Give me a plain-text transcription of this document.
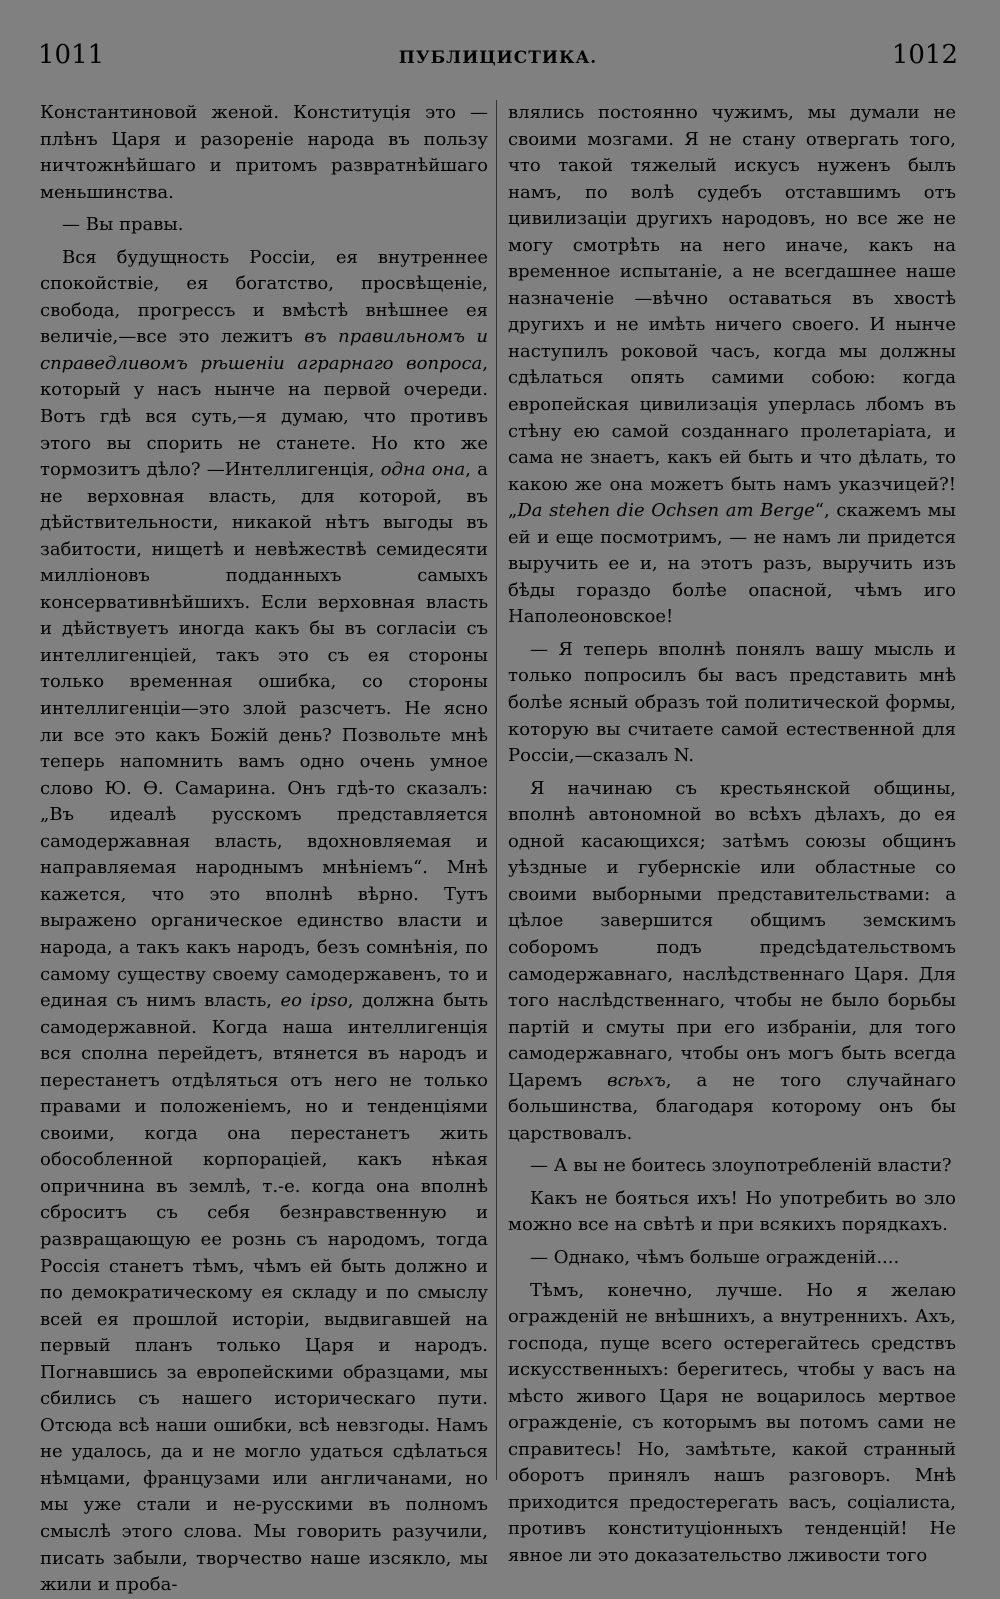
1011	ПУБЛИЦИСТИКА.	1012

Константиновой женой. Конституція это — плѣнъ Царя и разореніе народа въ пользу ничтожнѣйшаго и притомъ развратнѣйшаго меньшинства.

— Вы правы.

Вся будущность Россіи, ея внутреннее спокойствіе, ея богатство, просвѣщеніе, свобода, прогрессъ и вмѣстѣ внѣшнее ея величіе,—все это лежитъ въ правильномъ и справедливомъ рѣшеніи аграрнаго вопроса, который у насъ нынче на первой очереди. Вотъ гдѣ вся суть,—я думаю, что противъ этого вы спорить не станете. Но кто же тормозитъ дѣло? —Интеллигенція, одна она, а не верховная власть, для которой, въ дѣйствительности, никакой нѣтъ выгоды въ забитости, нищетѣ и невѣжествѣ семидесяти милліоновъ подданныхъ самыхъ консервативнѣйшихъ. Если верховная власть и дѣйствуетъ иногда какъ бы въ согласіи съ интеллигенціей, такъ это съ ея стороны только временная ошибка, со стороны интеллигенціи—это злой разсчетъ. Не ясно ли все это какъ Божій день? Позвольте мнѣ теперь напомнить вамъ одно очень умное слово Ю. Ѳ. Самарина. Онъ гдѣ-то сказалъ: „Въ идеалѣ русскомъ представляется самодержавная власть, вдохновляемая и направляемая народнымъ мнѣніемъ“. Мнѣ кажется, что это вполнѣ вѣрно. Тутъ выражено органическое единство власти и народа, а такъ какъ народъ, безъ сомнѣнія, по самому существу своему самодержавенъ, то и единая съ нимъ власть, eo ipso, должна быть самодержавной. Когда наша интеллигенція вся сполна перейдетъ, втянется въ народъ и перестанетъ отдѣляться отъ него не только правами и положеніемъ, но и тенденціями своими, когда она перестанетъ жить обособленной корпораціей, какъ нѣкая опричнина въ землѣ, т.-е. когда она вполнѣ сброситъ съ себя безнравственную и развращающую ее рознь съ народомъ, тогда Россія станетъ тѣмъ, чѣмъ ей быть должно и по демократическому ея складу и по смыслу всей ея прошлой исторіи, выдвигавшей на первый планъ только Царя и народъ. Погнавшись за европейскими образцами, мы сбились съ нашего историческаго пути. Отсюда всѣ наши ошибки, всѣ невзгоды. Намъ не удалось, да и не могло удаться сдѣлаться нѣмцами, французами или англичанами, но мы уже стали и не-русскими въ полномъ смыслѣ этого слова. Мы говорить разучили, писать забыли, творчество наше изсякло, мы жили и проба-

влялись постоянно чужимъ, мы думали не своими мозгами. Я не стану отвергать того, что такой тяжелый искусъ нуженъ былъ намъ, по волѣ судебъ отставшимъ отъ цивилизаціи другихъ народовъ, но все же не могу смотрѣть на него иначе, какъ на временное испытаніе, а не всегдашнее наше назначеніе —вѣчно оставаться въ хвостѣ другихъ и не имѣть ничего своего. И нынче наступилъ роковой часъ, когда мы должны сдѣлаться опять самими собою: когда европейская цивилизація уперлась лбомъ въ стѣну ею самой созданнаго пролетаріата, и сама не знаетъ, какъ ей быть и что дѣлать, то какою же она можетъ быть намъ указчицей?! „Da stehen die Ochsen am Berge“, скажемъ мы ей и еще посмотримъ, — не намъ ли придется выручить ее и, на этотъ разъ, выручить изъ бѣды гораздо болѣе опасной, чѣмъ иго Наполеоновское!

— Я теперь вполнѣ понялъ вашу мысль и только попросилъ бы васъ представить мнѣ болѣе ясный образъ той политической формы, которую вы считаете самой естественной для Россіи,—сказалъ N.

Я начинаю съ крестьянской общины, вполнѣ автономной во всѣхъ дѣлахъ, до ея одной касающихся; затѣмъ союзы общинъ уѣздные и губернскіе или областные со своими выборными представительствами: а цѣлое завершится общимъ земскимъ соборомъ подъ предсѣдательствомъ самодержавнаго, наслѣдственнаго Царя. Для того наслѣдственнаго, чтобы не было борьбы партій и смуты при его избраніи, для того самодержавнаго, чтобы онъ могъ быть всегда Царемъ всѣхъ, а не того случайнаго большинства, благодаря которому онъ бы царствовалъ.

— А вы не боитесь злоупотребленій власти?

Какъ не бояться ихъ! Но употребить во зло можно все на свѣтѣ и при всякихъ порядкахъ.

— Однако, чѣмъ больше огражденій....

Тѣмъ, конечно, лучше. Но я желаю огражденій не внѣшнихъ, а внутреннихъ. Ахъ, господа, пуще всего остерегайтесь средствъ искусственныхъ: берегитесь, чтобы у васъ на мѣсто живого Царя не воцарилось мертвое огражденіе, съ которымъ вы потомъ сами не справитесь! Но, замѣтьте, какой странный оборотъ принялъ нашъ разговоръ. Мнѣ приходится предостерегать васъ, соціалиста, противъ конституціонныхъ тенденцій! Не явное ли это доказательство лживости того
